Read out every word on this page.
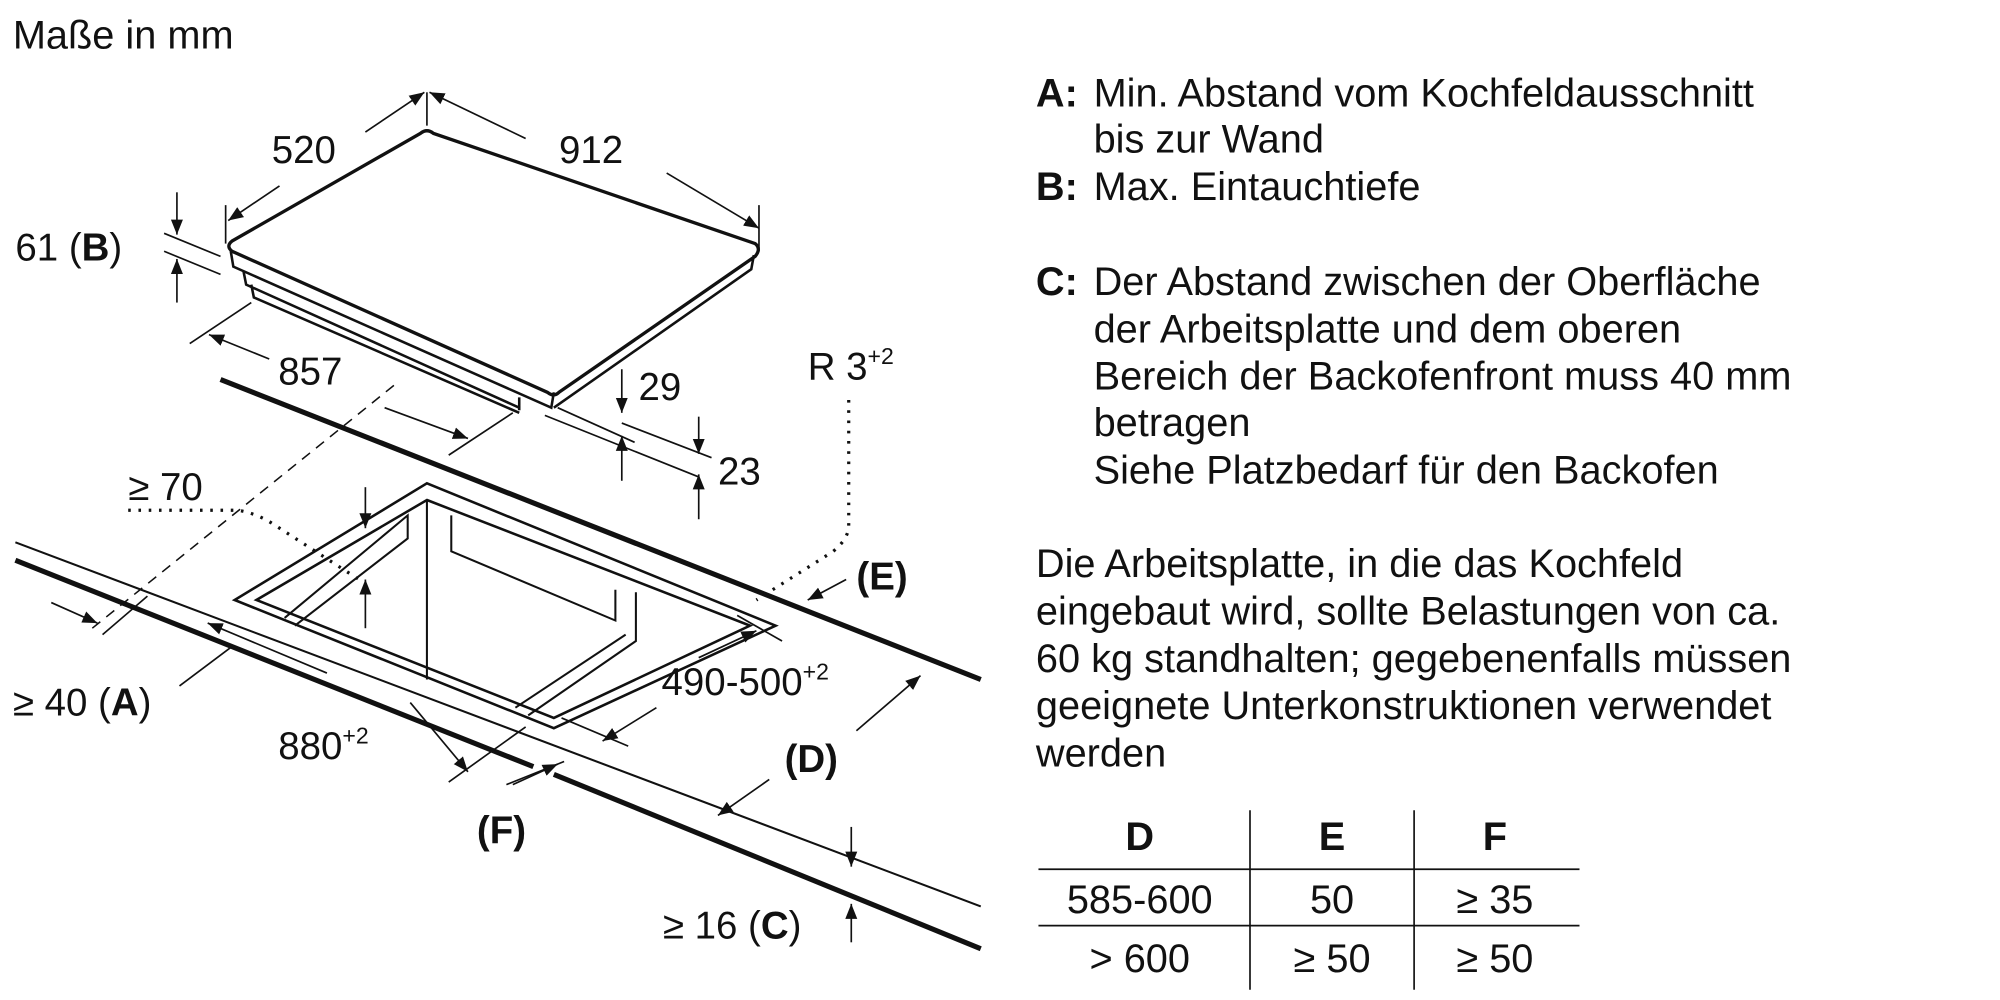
Maße in mm
520	912
61 (B)
857	29
23
R $3^{+2}$
≥ 70
(E)
≥ 40 (A)	$490-500^{+2}$
$880^{+2}$
(D)
(F)
≥ 16 (C)
A: Min. Abstand vom Kochfeldausschnitt
bis zur Wand
B: Max. Eintauchtiefe
C: Der Abstand zwischen der Oberfläche
der Arbeitsplatte und dem oberen
Bereich der Backofenfront muss 40 mm
betragen
Siehe Platzbedarf für den Backofen
Die Arbeitsplatte, in die das Kochfeld
eingebaut wird, sollte Belastungen von ca.
60 kg standhalten; gegebenenfalls müssen
geeignete Unterkonstruktionen verwendet
werden
D	E	F
585-600	50	≥ 35
> 600	≥ 50	≥ 50
